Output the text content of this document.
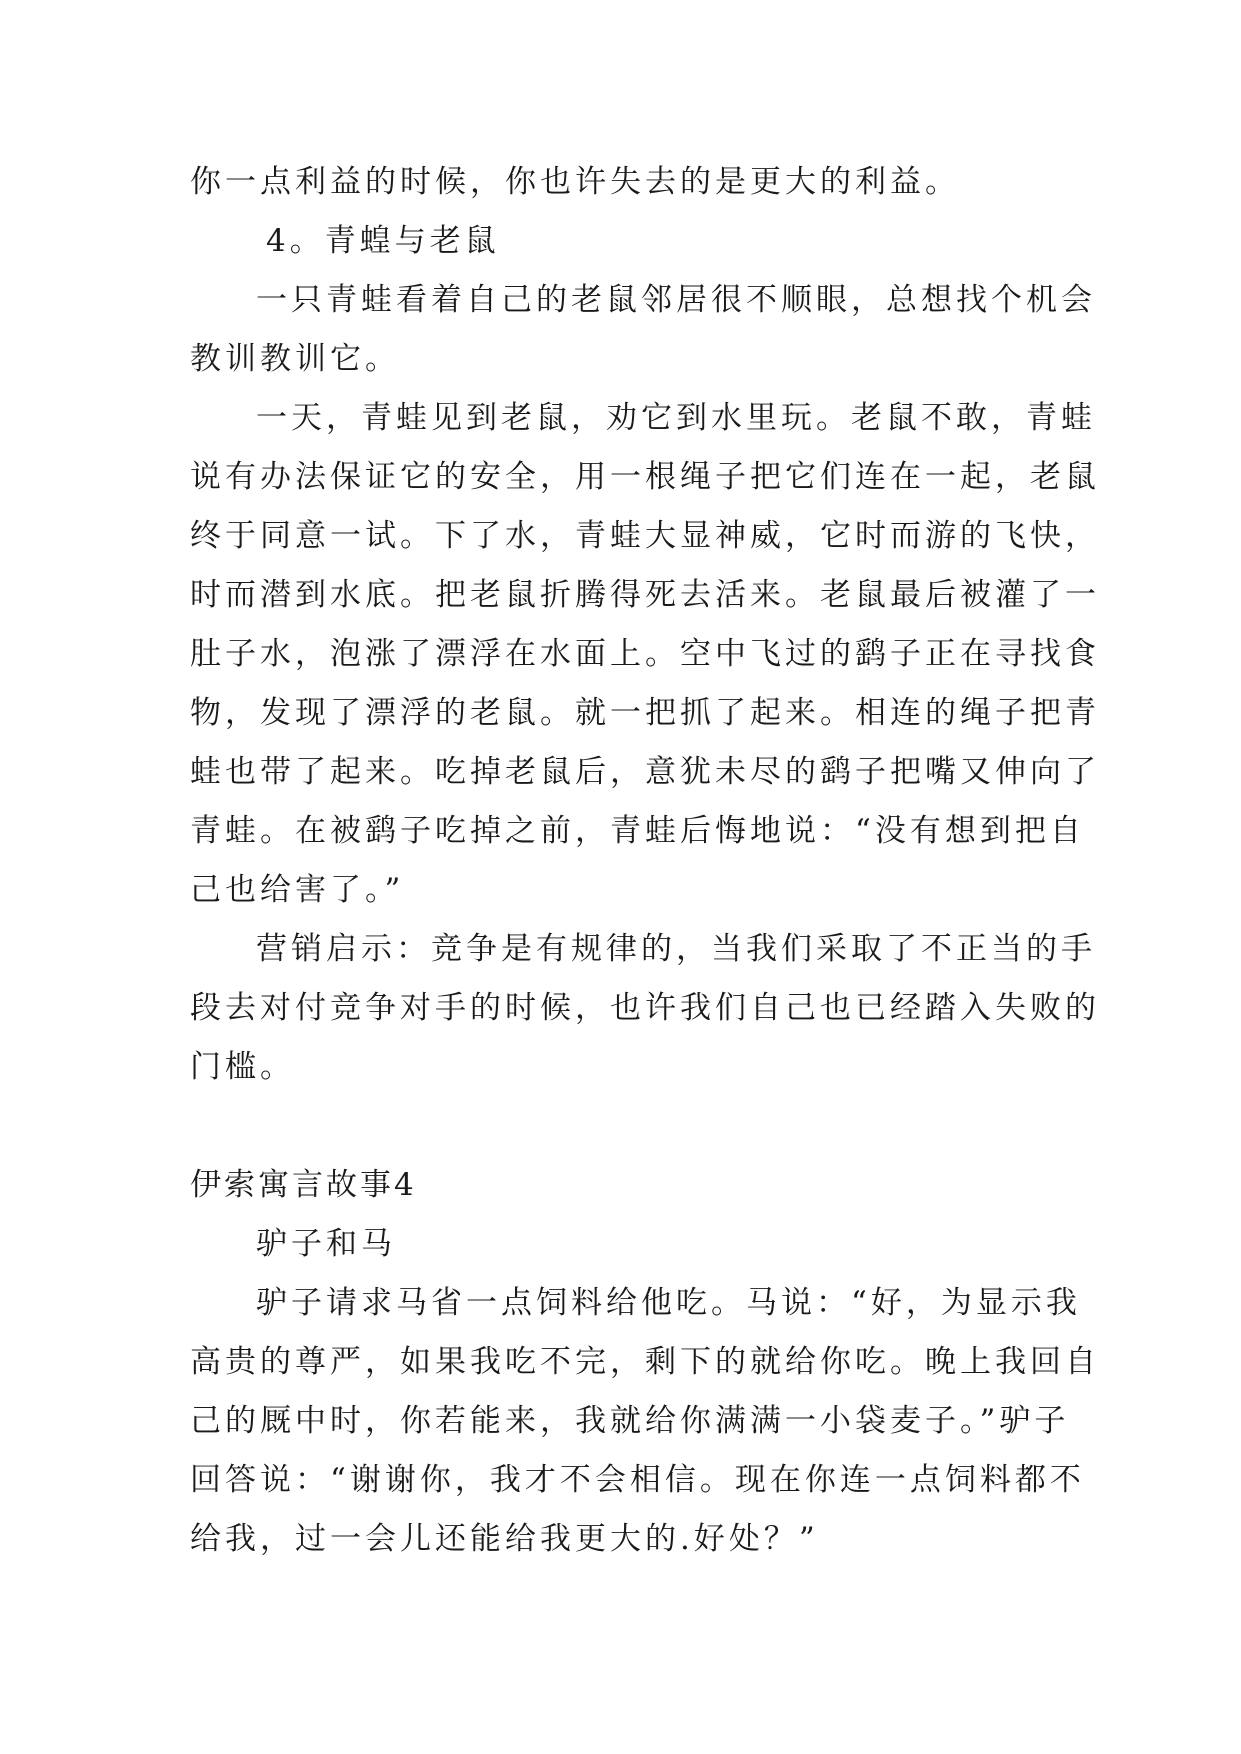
你一点利益的时候，你也许失去的是更大的利益。
4。青蝗与老鼠
一只青蛙看着自己的老鼠邻居很不顺眼，总想找个机会
教训教训它。
一天，青蛙见到老鼠，劝它到水里玩。老鼠不敢，青蛙
说有办法保证它的安全，用一根绳子把它们连在一起，老鼠
终于同意一试。下了水，青蛙大显神威，它时而游的飞快，
时而潜到水底。把老鼠折腾得死去活来。老鼠最后被灌了一
肚子水，泡涨了漂浮在水面上。空中飞过的鹞子正在寻找食
物，发现了漂浮的老鼠。就一把抓了起来。相连的绳子把青
蛙也带了起来。吃掉老鼠后，意犹未尽的鹞子把嘴又伸向了
青蛙。在被鹞子吃掉之前，青蛙后悔地说：“没有想到把自
己也给害了。”
营销启示：竞争是有规律的，当我们采取了不正当的手
段去对付竞争对手的时候，也许我们自己也已经踏入失败的
门槛。
伊索寓言故事4
驴子和马
驴子请求马省一点饲料给他吃。马说：“好，为显示我
高贵的尊严，如果我吃不完，剩下的就给你吃。晚上我回自
己的厩中时，你若能来，我就给你满满一小袋麦子。”驴子
回答说：“谢谢你，我才不会相信。现在你连一点饲料都不
给我，过一会儿还能给我更大的.好处？”
